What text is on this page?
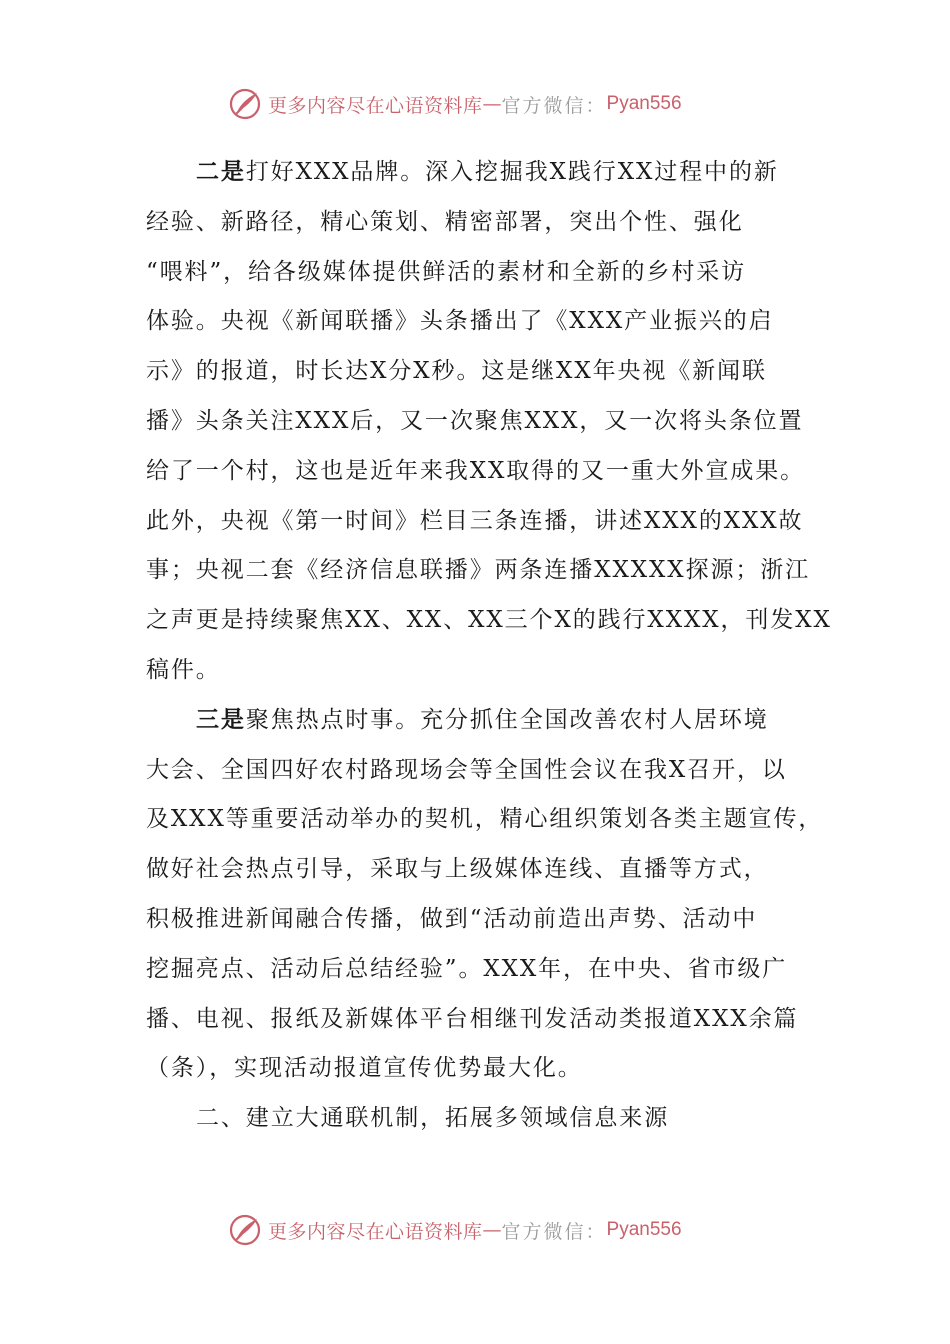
更多内容尽在心语资料库 — 官方微信： Pyan556
二是打好XXX品牌。深入挖掘我X践行XX过程中的新
经验、新路径，精心策划、精密部署，突出个性、强化
“喂料”，给各级媒体提供鲜活的素材和全新的乡村采访
体验。央视《新闻联播》头条播出了《XXX产业振兴的启
示》的报道，时长达X分X秒。这是继XX年央视《新闻联
播》头条关注XXX后，又一次聚焦XXX，又一次将头条位置
给了一个村，这也是近年来我XX取得的又一重大外宣成果。
此外，央视《第一时间》栏目三条连播，讲述XXX的XXX故
事；央视二套《经济信息联播》两条连播XXXXX探源；浙江
之声更是持续聚焦XX、XX、XX三个X的践行XXXX，刊发XX
稿件。
三是聚焦热点时事。充分抓住全国改善农村人居环境
大会、全国四好农村路现场会等全国性会议在我X召开，以
及XXX等重要活动举办的契机，精心组织策划各类主题宣传，
做好社会热点引导，采取与上级媒体连线、直播等方式，
积极推进新闻融合传播，做到“活动前造出声势、活动中
挖掘亮点、活动后总结经验”。XXX年，在中央、省市级广
播、电视、报纸及新媒体平台相继刊发活动类报道XXX余篇
（条），实现活动报道宣传优势最大化。
二、建立大通联机制，拓展多领域信息来源
更多内容尽在心语资料库 — 官方微信： Pyan556
